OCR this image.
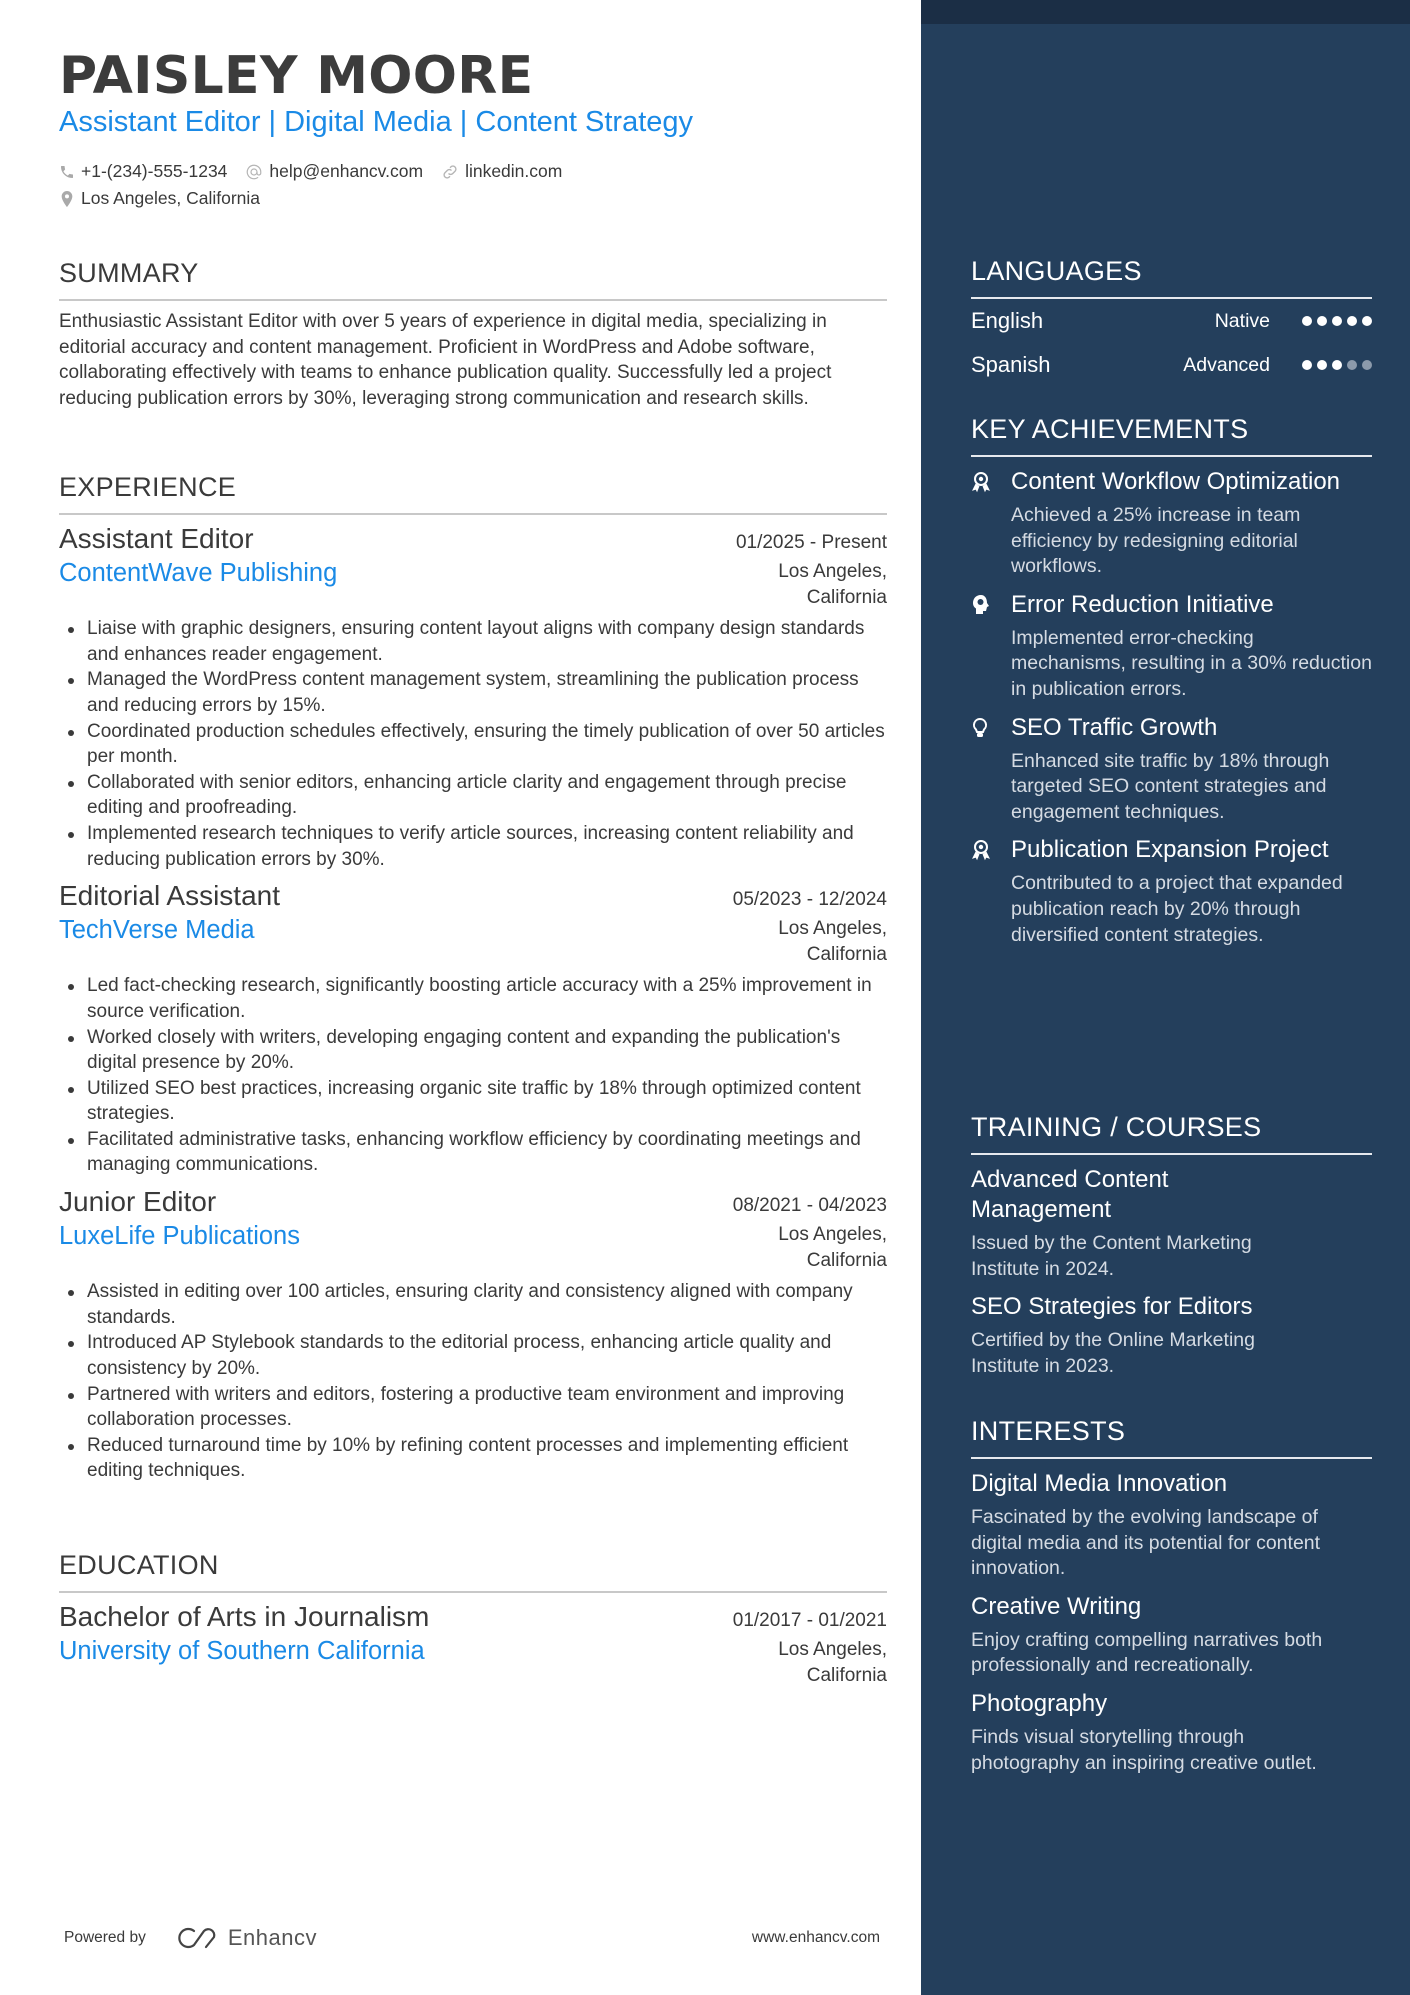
PAISLEY MOORE
Assistant Editor | Digital Media | Content Strategy
+1-(234)-555-1234 help@enhancv.com linkedin.com
Los Angeles, California
SUMMARY

Enthusiastic Assistant Editor with over 5 years of experience in digital media, specializing in editorial accuracy and content management. Proficient in WordPress and Adobe software, collaborating effectively with teams to enhance publication quality. Successfully led a project reducing publication errors by 30%, leveraging strong communication and research skills.

EXPERIENCE
Assistant Editor	01/2025 - Present
ContentWave Publishing	Los Angeles,
California
Liaise with graphic designers, ensuring content layout aligns with company design standards and enhances reader engagement.
Managed the WordPress content management system, streamlining the publication process and reducing errors by 15%.
Coordinated production schedules effectively, ensuring the timely publication of over 50 articles per month.
Collaborated with senior editors, enhancing article clarity and engagement through precise editing and proofreading.
Implemented research techniques to verify article sources, increasing content reliability and reducing publication errors by 30%.
Editorial Assistant	05/2023 - 12/2024
TechVerse Media	Los Angeles,
California
Led fact-checking research, significantly boosting article accuracy with a 25% improvement in source verification.
Worked closely with writers, developing engaging content and expanding the publication's digital presence by 20%.
Utilized SEO best practices, increasing organic site traffic by 18% through optimized content strategies.
Facilitated administrative tasks, enhancing workflow efficiency by coordinating meetings and managing communications.
Junior Editor	08/2021 - 04/2023
LuxeLife Publications	Los Angeles,
California
Assisted in editing over 100 articles, ensuring clarity and consistency aligned with company standards.
Introduced AP Stylebook standards to the editorial process, enhancing article quality and consistency by 20%.
Partnered with writers and editors, fostering a productive team environment and improving collaboration processes.
Reduced turnaround time by 10% by refining content processes and implementing efficient editing techniques.
EDUCATION
Bachelor of Arts in Journalism	01/2017 - 01/2021
University of Southern California	Los Angeles,
California
Powered by	Enhancv	www.enhancv.com
LANGUAGES
English	Native
Spanish	Advanced
KEY ACHIEVEMENTS
Content Workflow Optimization
Achieved a 25% increase in team efficiency by redesigning editorial workflows.
Error Reduction Initiative
Implemented error-checking mechanisms, resulting in a 30% reduction in publication errors.
SEO Traffic Growth
Enhanced site traffic by 18% through targeted SEO content strategies and engagement techniques.
Publication Expansion Project
Contributed to a project that expanded publication reach by 20% through diversified content strategies.
TRAINING / COURSES
Advanced Content Management
Issued by the Content Marketing Institute in 2024.
SEO Strategies for Editors
Certified by the Online Marketing Institute in 2023.
INTERESTS
Digital Media Innovation
Fascinated by the evolving landscape of digital media and its potential for content innovation.
Creative Writing
Enjoy crafting compelling narratives both professionally and recreationally.
Photography
Finds visual storytelling through photography an inspiring creative outlet.
